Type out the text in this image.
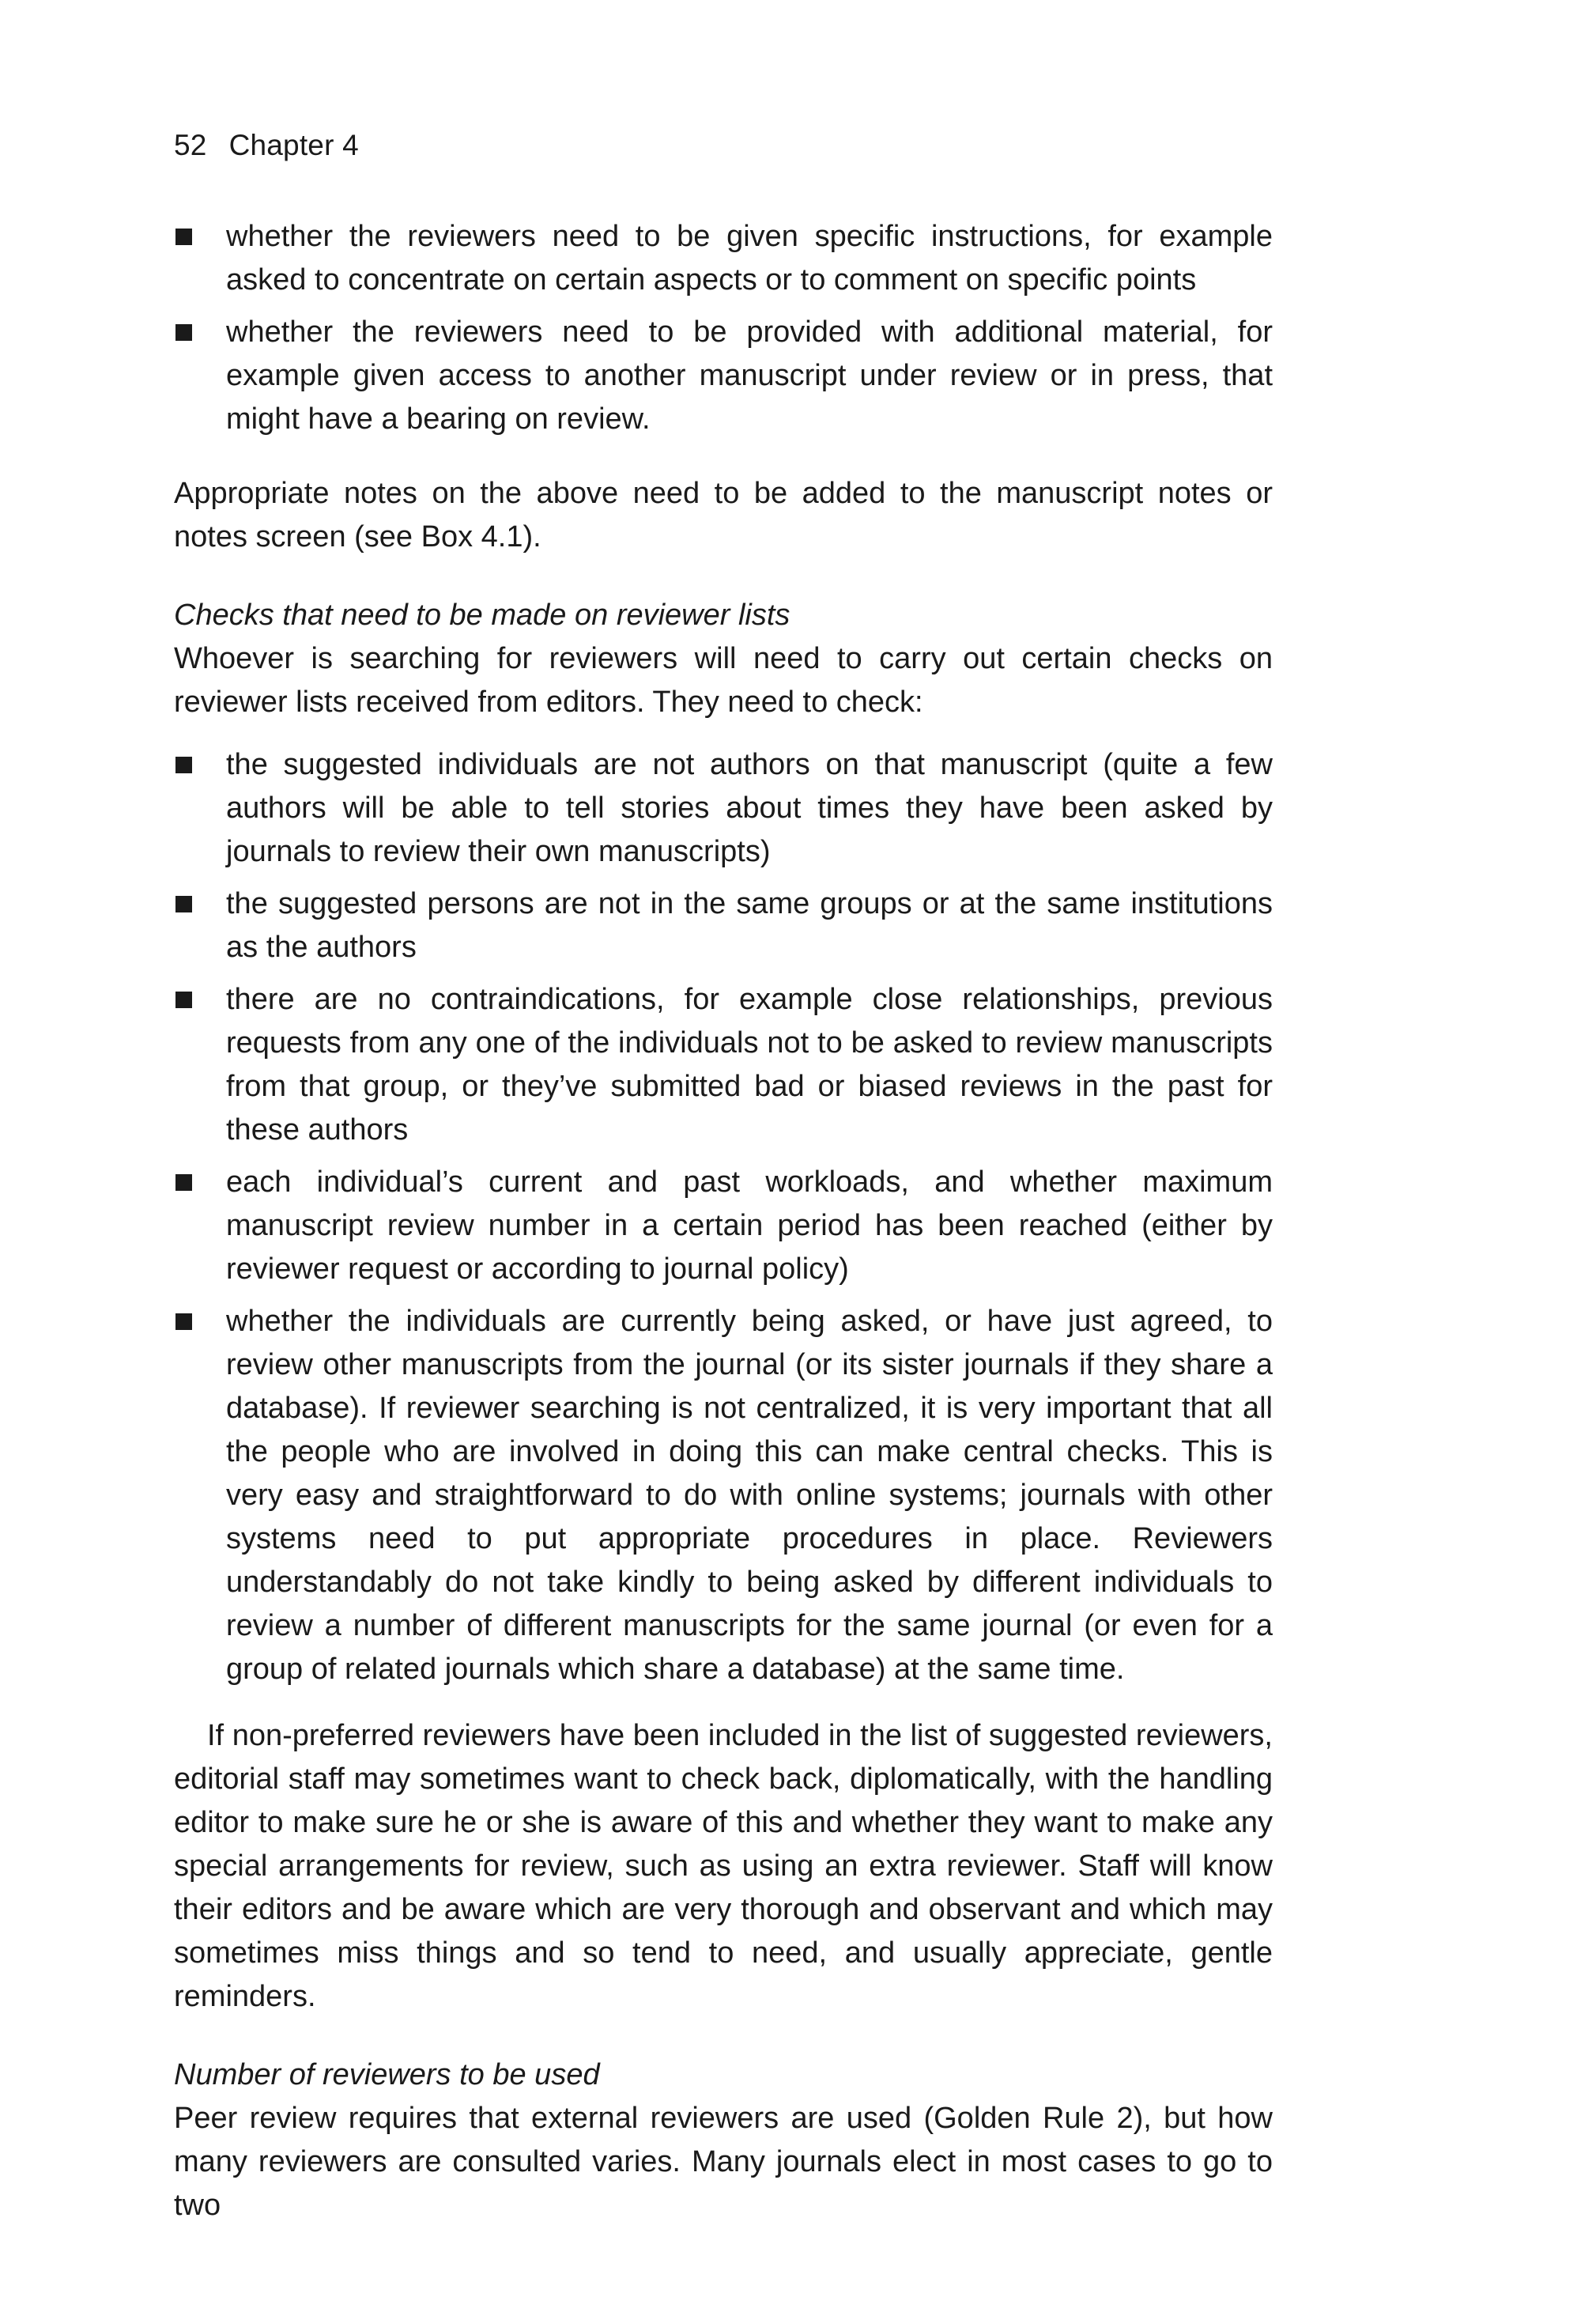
52 Chapter 4
whether the reviewers need to be given specific instructions, for example asked to concentrate on certain aspects or to comment on specific points
whether the reviewers need to be provided with additional material, for example given access to another manuscript under review or in press, that might have a bearing on review.

Appropriate notes on the above need to be added to the manuscript notes or notes screen (see Box 4.1).

Checks that need to be made on reviewer lists

Whoever is searching for reviewers will need to carry out certain checks on reviewer lists received from editors. They need to check:

the suggested individuals are not authors on that manuscript (quite a few authors will be able to tell stories about times they have been asked by journals to review their own manuscripts)
the suggested persons are not in the same groups or at the same institutions as the authors
there are no contraindications, for example close relationships, previous requests from any one of the individuals not to be asked to review manuscripts from that group, or they’ve submitted bad or biased reviews in the past for these authors
each individual’s current and past workloads, and whether maximum manuscript review number in a certain period has been reached (either by reviewer request or according to journal policy)
whether the individuals are currently being asked, or have just agreed, to review other manuscripts from the journal (or its sister journals if they share a database). If reviewer searching is not centralized, it is very important that all the people who are involved in doing this can make central checks. This is very easy and straightforward to do with online systems; journals with other systems need to put appropriate procedures in place. Reviewers understandably do not take kindly to being asked by different individuals to review a number of different manuscripts for the same journal (or even for a group of related journals which share a database) at the same time.

If non-preferred reviewers have been included in the list of suggested reviewers, editorial staff may sometimes want to check back, diplomatically, with the handling editor to make sure he or she is aware of this and whether they want to make any special arrangements for review, such as using an extra reviewer. Staff will know their editors and be aware which are very thorough and observant and which may sometimes miss things and so tend to need, and usually appreciate, gentle reminders.

Number of reviewers to be used

Peer review requires that external reviewers are used (Golden Rule 2), but how many reviewers are consulted varies. Many journals elect in most cases to go to two
